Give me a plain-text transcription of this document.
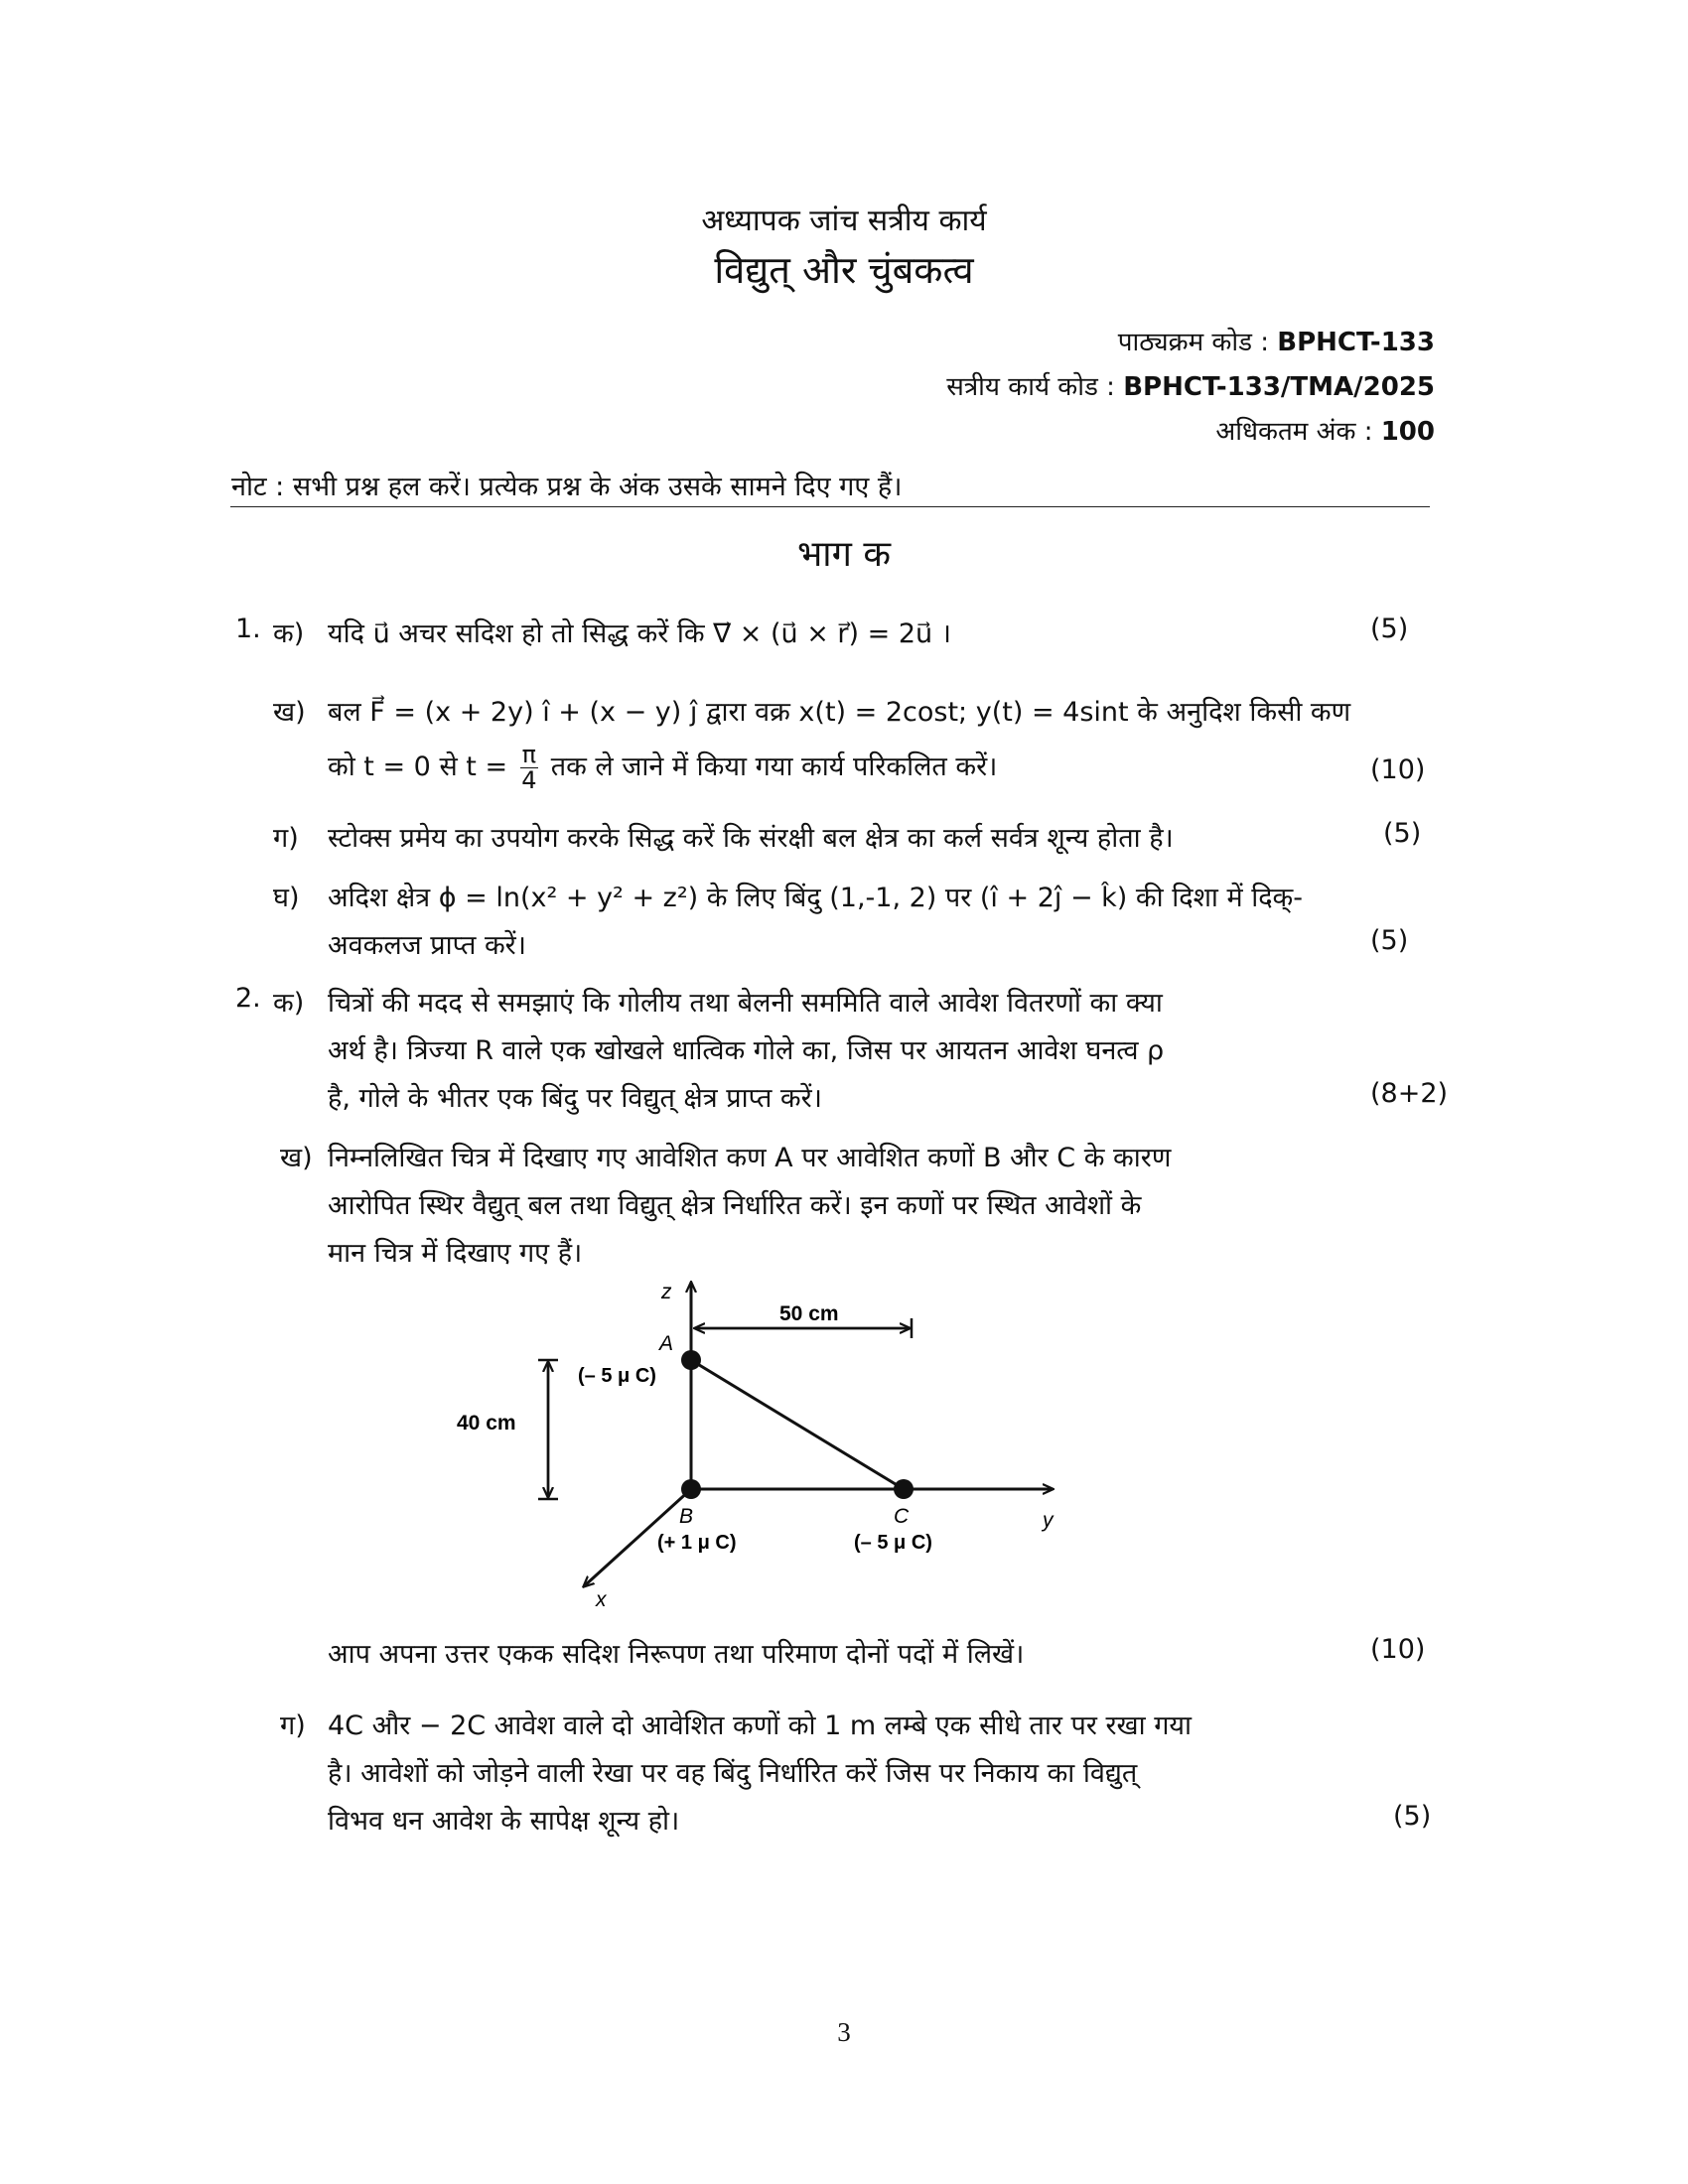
अध्यापक जांच सत्रीय कार्य
विद्युत् और चुंबकत्व
पाठ्यक्रम कोड : BPHCT-133
सत्रीय कार्य कोड : BPHCT-133/TMA/2025
अधिकतम अंक : 100
नोट : सभी प्रश्न हल करें। प्रत्येक प्रश्न के अंक उसके सामने दिए गए हैं।
भाग क
1. क) यदि u⃗ अचर सदिश हो तो सिद्ध करें कि ∇⃗ × (u⃗ × r⃗) = 2u⃗ ।	(5)
ख) बल F⃗ = (x + 2y) î + (x − y) ĵ द्वारा वक्र x(t) = 2cost; y(t) = 4sint के अनुदिश किसी कण
को t = 0 से $t = \frac{\pi}{4}$ तक ले जाने में किया गया कार्य परिकलित करें।	(10)
ग) स्टोक्स प्रमेय का उपयोग करके सिद्ध करें कि संरक्षी बल क्षेत्र का कर्ल सर्वत्र शून्य होता है।	(5)
घ) अदिश क्षेत्र ϕ = ln(x² + y² + z²) के लिए बिंदु (1,-1, 2) पर (î + 2ĵ − k̂) की दिशा में दिक्-
अवकलज प्राप्त करें।	(5)
2. क) चित्रों की मदद से समझाएं कि गोलीय तथा बेलनी सममिति वाले आवेश वितरणों का क्या
अर्थ है। त्रिज्या R वाले एक खोखले धात्विक गोले का, जिस पर आयतन आवेश घनत्व ρ
है, गोले के भीतर एक बिंदु पर विद्युत् क्षेत्र प्राप्त करें।	(8+2)
ख) निम्नलिखित चित्र में दिखाए गए आवेशित कण A पर आवेशित कणों B और C के कारण
आरोपित स्थिर वैद्युत् बल तथा विद्युत् क्षेत्र निर्धारित करें। इन कणों पर स्थित आवेशों के
मान चित्र में दिखाए गए हैं।
z
y
x
50 cm
40 cm
A
(– 5 μ C)
B
(+ 1 μ C)
C
(– 5 μ C)
आप अपना उत्तर एकक सदिश निरूपण तथा परिमाण दोनों पदों में लिखें।	(10)
ग) 4C और − 2C आवेश वाले दो आवेशित कणों को 1 m लम्बे एक सीधे तार पर रखा गया
है। आवेशों को जोड़ने वाली रेखा पर वह बिंदु निर्धारित करें जिस पर निकाय का विद्युत्
विभव धन आवेश के सापेक्ष शून्य हो।	(5)
3
